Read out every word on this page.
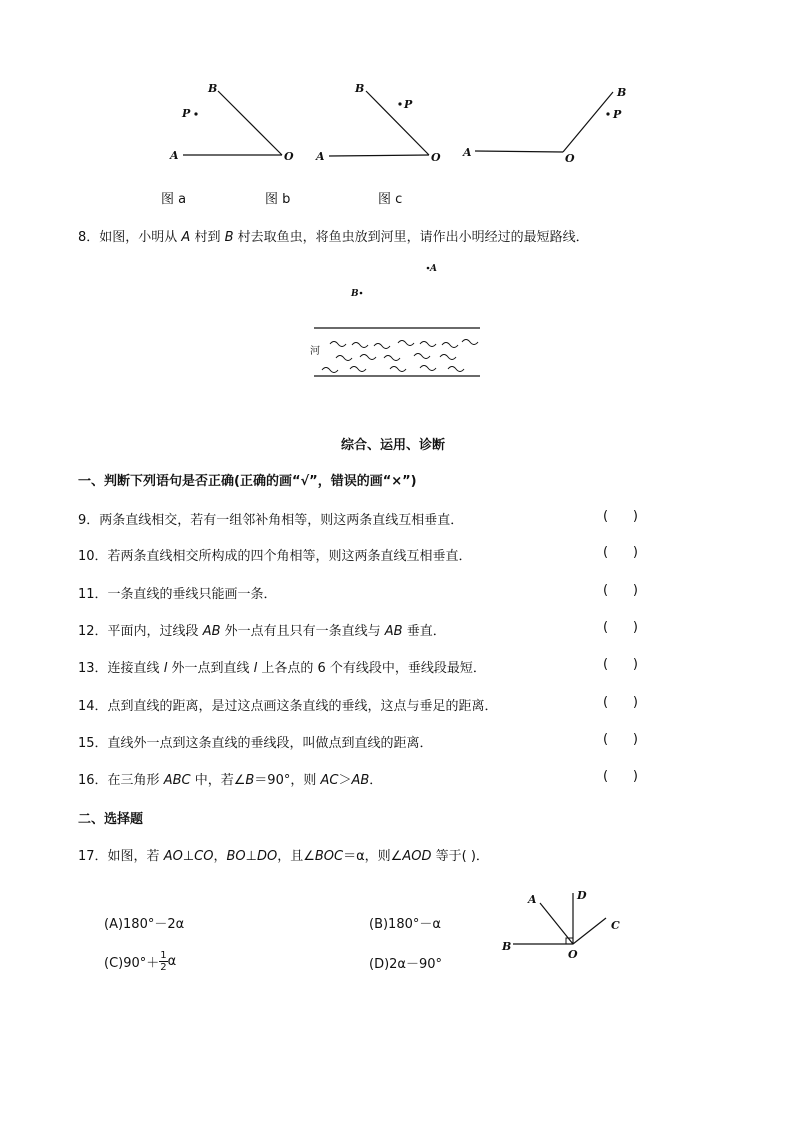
B
P
A	O
B
P
A	O
B
P
A	O
图 a	图 b	图 c
8．如图，小明从 A 村到 B 村去取鱼虫，将鱼虫放到河里，请作出小明经过的最短路线．
A
B
河
综合、运用、诊断
一、判断下列语句是否正确(正确的画“√”，错误的画“×”)
9．两条直线相交，若有一组邻补角相等，则这两条直线互相垂直．	(      )
10．若两条直线相交所构成的四个角相等，则这两条直线互相垂直．	(      )
11．一条直线的垂线只能画一条．	(      )
12．平面内，过线段 AB 外一点有且只有一条直线与 AB 垂直．	(      )
13．连接直线 l 外一点到直线 l 上各点的 6 个有线段中，垂线段最短．	(      )
14．点到直线的距离，是过这点画这条直线的垂线，这点与垂足的距离．	(      )
15．直线外一点到这条直线的垂线段，叫做点到直线的距离．	(      )
16．在三角形 ABC 中，若∠B＝90°，则 AC＞AB．	(      )
二、选择题
17．如图，若 AO⊥CO，BO⊥DO，且∠BOC＝α，则∠AOD 等于( )．
(A)180°－2α	(B)180°－α
$(C)90^\circ+ \frac{1}{2}$ α	(D)2α－90°
A	D
C
B
O
